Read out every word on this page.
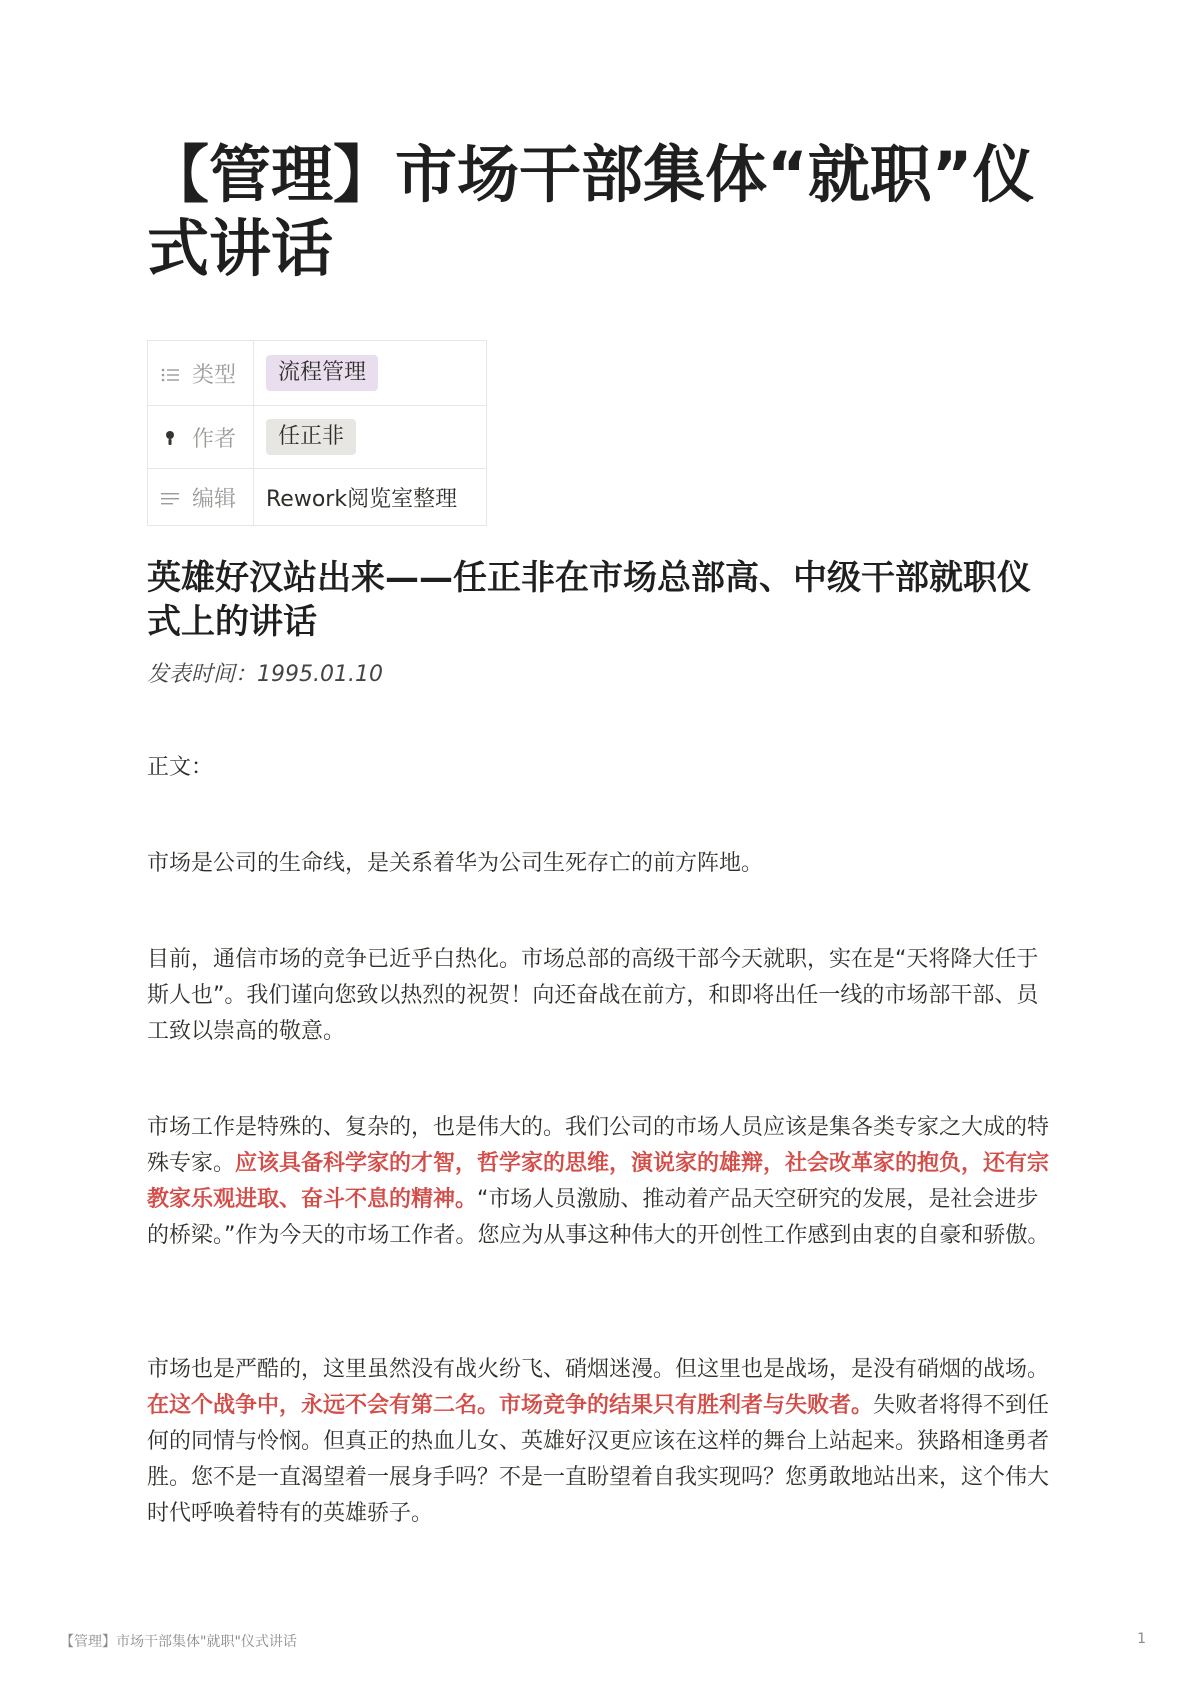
【管理】市场干部集体“就职”仪式讲话
类型	流程管理
作者	任正非
编辑	Rework阅览室整理
英雄好汉站出来——任正非在市场总部高、中级干部就职仪式上的讲话

发表时间：1995.01.10

正文：

市场是公司的生命线，是关系着华为公司生死存亡的前方阵地。

目前，通信市场的竞争已近乎白热化。市场总部的高级干部今天就职，实在是“天将降大任于斯人也”。我们谨向您致以热烈的祝贺！向还奋战在前方，和即将出任一线的市场部干部、员工致以崇高的敬意。

市场工作是特殊的、复杂的，也是伟大的。我们公司的市场人员应该是集各类专家之大成的特殊专家。应该具备科学家的才智，哲学家的思维，演说家的雄辩，社会改革家的抱负，还有宗教家乐观进取、奋斗不息的精神。“市场人员激励、推动着产品天空研究的发展，是社会进步的桥梁。”作为今天的市场工作者。您应为从事这种伟大的开创性工作感到由衷的自豪和骄傲。

市场也是严酷的，这里虽然没有战火纷飞、硝烟迷漫。但这里也是战场，是没有硝烟的战场。在这个战争中，永远不会有第二名。市场竞争的结果只有胜利者与失败者。失败者将得不到任何的同情与怜悯。但真正的热血儿女、英雄好汉更应该在这样的舞台上站起来。狭路相逢勇者胜。您不是一直渴望着一展身手吗？不是一直盼望着自我实现吗？您勇敢地站出来，这个伟大时代呼唤着特有的英雄骄子。

【管理】市场干部集体"就职"仪式讲话	1
